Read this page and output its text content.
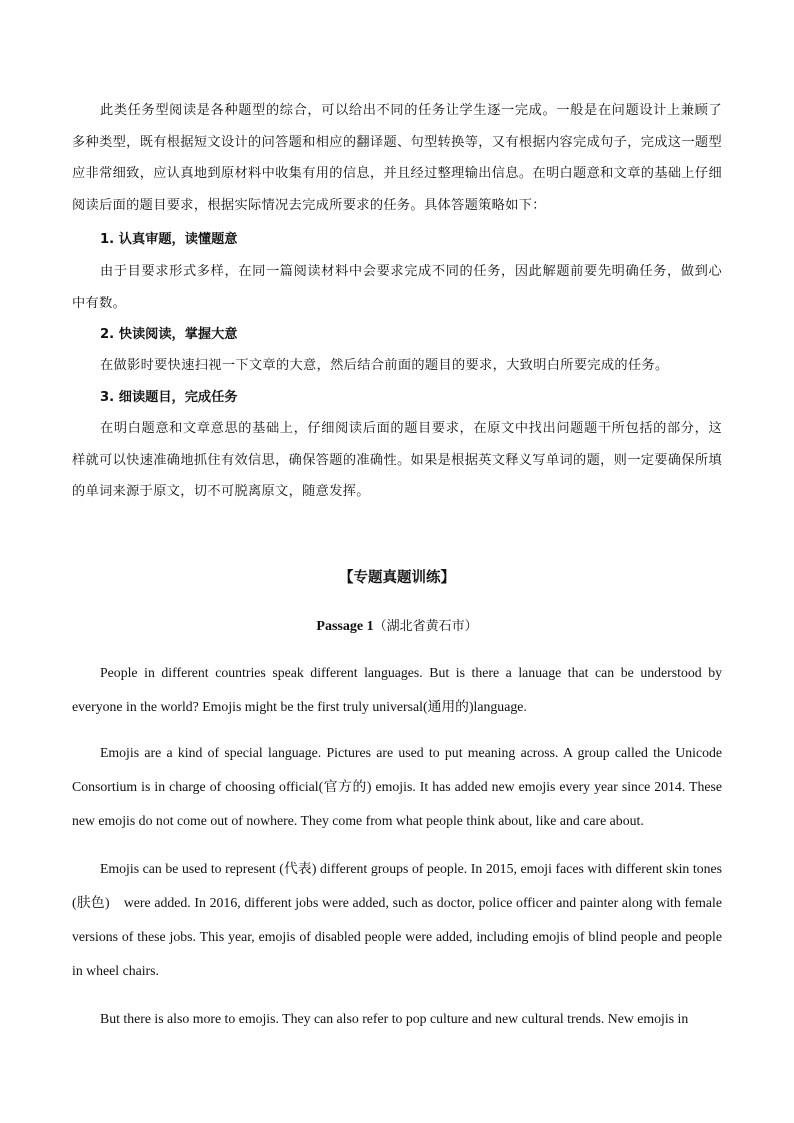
此类任务型阅读是各种题型的综合，可以给出不同的任务让学生逐一完成。一般是在问题设计上兼顾了多种类型，既有根据短文设计的问答题和相应的翻译题、句型转换等，又有根据内容完成句子，完成这一题型应非常细致，应认真地到原材料中收集有用的信息，并且经过整理输出信息。在明白题意和文章的基础上仔细阅读后面的题目要求，根据实际情况去完成所要求的任务。具体答题策略如下：

1. 认真审题，读懂题意

由于目要求形式多样，在同一篇阅读材料中会要求完成不同的任务，因此解题前要先明确任务，做到心中有数。

2. 快读阅读，掌握大意

在做影时要快速扫视一下文章的大意，然后结合前面的题目的要求，大致明白所要完成的任务。

3. 细读题目，完成任务

在明白题意和文章意思的基础上，仔细阅读后面的题目要求，在原文中找出问题题干所包括的部分，这样就可以快速准确地抓住有效信思，确保答题的准确性。如果是根据英文释义写单词的题，则一定要确保所填的单词来源于原文，切不可脱离原文，随意发挥。

【专题真题训练】

Passage 1（湖北省黄石市）

People in different countries speak different languages. But is there a lanuage that can be understood by everyone in the world? Emojis might be the first truly universal(通用的)language.

Emojis are a kind of special language. Pictures are used to put meaning across. A group called the Unicode Consortium is in charge of choosing official(官方的) emojis. It has added new emojis every year since 2014. These new emojis do not come out of nowhere. They come from what people think about, like and care about.

Emojis can be used to represent (代表) different groups of people. In 2015, emoji faces with different skin tones (肤色)　were added. In 2016, different jobs were added, such as doctor, police officer and painter along with female versions of these jobs. This year, emojis of disabled people were added, including emojis of blind people and people in wheel chairs.

But there is also more to emojis. They can also refer to pop culture and new cultural trends. New emojis in
